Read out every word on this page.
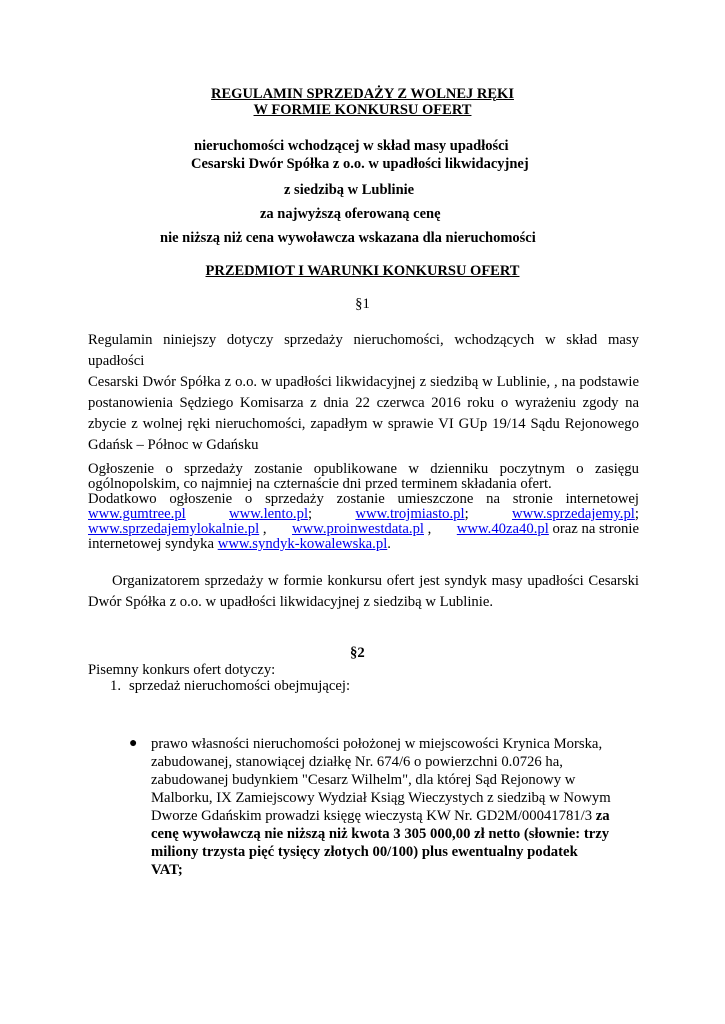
REGULAMIN SPRZEDAŻY Z WOLNEJ RĘKI

W FORMIE KONKURSU OFERT

nieruchomości wchodzącej w skład masy upadłości

Cesarski Dwór Spółka z o.o. w upadłości likwidacyjnej

z siedzibą w Lublinie

za najwyższą oferowaną cenę

nie niższą niż cena wywoławcza wskazana dla nieruchomości

PRZEDMIOT I WARUNKI KONKURSU OFERT

§1

Regulamin niniejszy dotyczy sprzedaży nieruchomości, wchodzących w skład masy upadłości
Cesarski Dwór Spółka z o.o. w upadłości likwidacyjnej z siedzibą w Lublinie, , na podstawie
postanowienia Sędziego Komisarza z dnia 22 czerwca 2016 roku o wyrażeniu zgody na
zbycie z wolnej ręki nieruchomości, zapadłym w sprawie VI GUp 19/14 Sądu Rejonowego
Gdańsk – Północ w Gdańsku
Ogłoszenie o sprzedaży zostanie opublikowane w dzienniku poczytnym o zasięgu
ogólnopolskim, co najmniej na czternaście dni przed terminem składania ofert.
Dodatkowo ogłoszenie o sprzedaży zostanie umieszczone na stronie internetowej
www.gumtree.pl	www.lento.pl;	www.trojmiasto.pl;	www.sprzedajemy.pl;
www.sprzedajemylokalnie.pl , www.proinwestdata.pl , www.40za40.pl oraz na stronie
internetowej syndyka www.syndyk-kowalewska.pl.
Organizatorem sprzedaży w formie konkursu ofert jest syndyk masy upadłości Cesarski
Dwór Spółka z o.o. w upadłości likwidacyjnej z siedzibą w Lublinie.

§2

Pisemny konkurs ofert dotyczy:

1. sprzedaż nieruchomości obejmującej:

● prawo własności nieruchomości położonej w miejscowości Krynica Morska,
zabudowanej, stanowiącej działkę Nr. 674/6 o powierzchni 0.0726 ha,
zabudowanej budynkiem "Cesarz Wilhelm", dla której Sąd Rejonowy w
Malborku, IX Zamiejscowy Wydział Ksiąg Wieczystych z siedzibą w Nowym
Dworze Gdańskim prowadzi księgę wieczystą KW Nr. GD2M/00041781/3 za
cenę wywoławczą nie niższą niż kwota 3 305 000,00 zł netto (słownie: trzy
miliony trzysta pięć tysięcy złotych 00/100) plus ewentualny podatek VAT;
